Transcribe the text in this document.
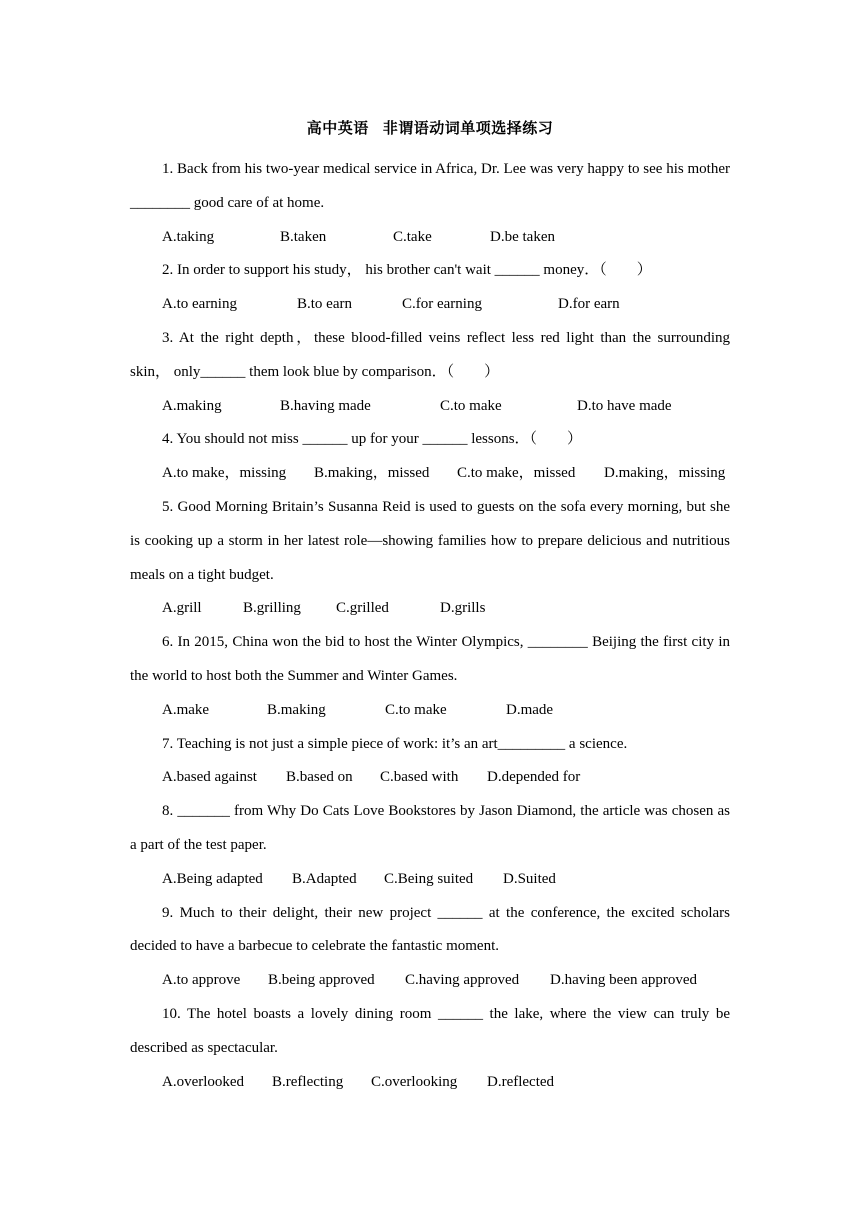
高中英语 非谓语动词单项选择练习

1. Back from his two-year medical service in Africa, Dr. Lee was very happy to see his mother ________ good care of at home.

A.taking	B.taken	C.take	D.be taken

2. In order to support his study， his brother can't wait ______ money．（　　）

A.to earning	B.to earn	C.for earning	D.for earn

3. At the right depth，these blood-filled veins reflect less red light than the surrounding skin， only______ them look blue by comparison．（　　）

A.making	B.having made	C.to make	D.to have made

4. You should not miss ______ up for your ______ lessons．（　　）

A.to make，missing B.making，missed C.to make，missed D.making，missing

5. Good Morning Britain’s Susanna Reid is used to guests on the sofa every morning, but she is cooking up a storm in her latest role—showing families how to prepare delicious and nutritious meals on a tight budget.

A.grill	B.grilling C.grilled	D.grills

6. In 2015, China won the bid to host the Winter Olympics, ________ Beijing the first city in the world to host both the Summer and Winter Games.

A.make	B.making	C.to make	D.made

7. Teaching is not just a simple piece of work: it’s an art_________ a science.

A.based against B.based on C.based with D.depended for

8. _______ from Why Do Cats Love Bookstores by Jason Diamond, the article was chosen as a part of the test paper.

A.Being adapted B.Adapted C.Being suited D.Suited

9. Much to their delight, their new project ______ at the conference, the excited scholars decided to have a barbecue to celebrate the fantastic moment.

A.to approve B.being approved C.having approved D.having been approved

10. The hotel boasts a lovely dining room ______ the lake, where the view can truly be described as spectacular.

A.overlooked B.reflecting C.overlooking D.reflected
